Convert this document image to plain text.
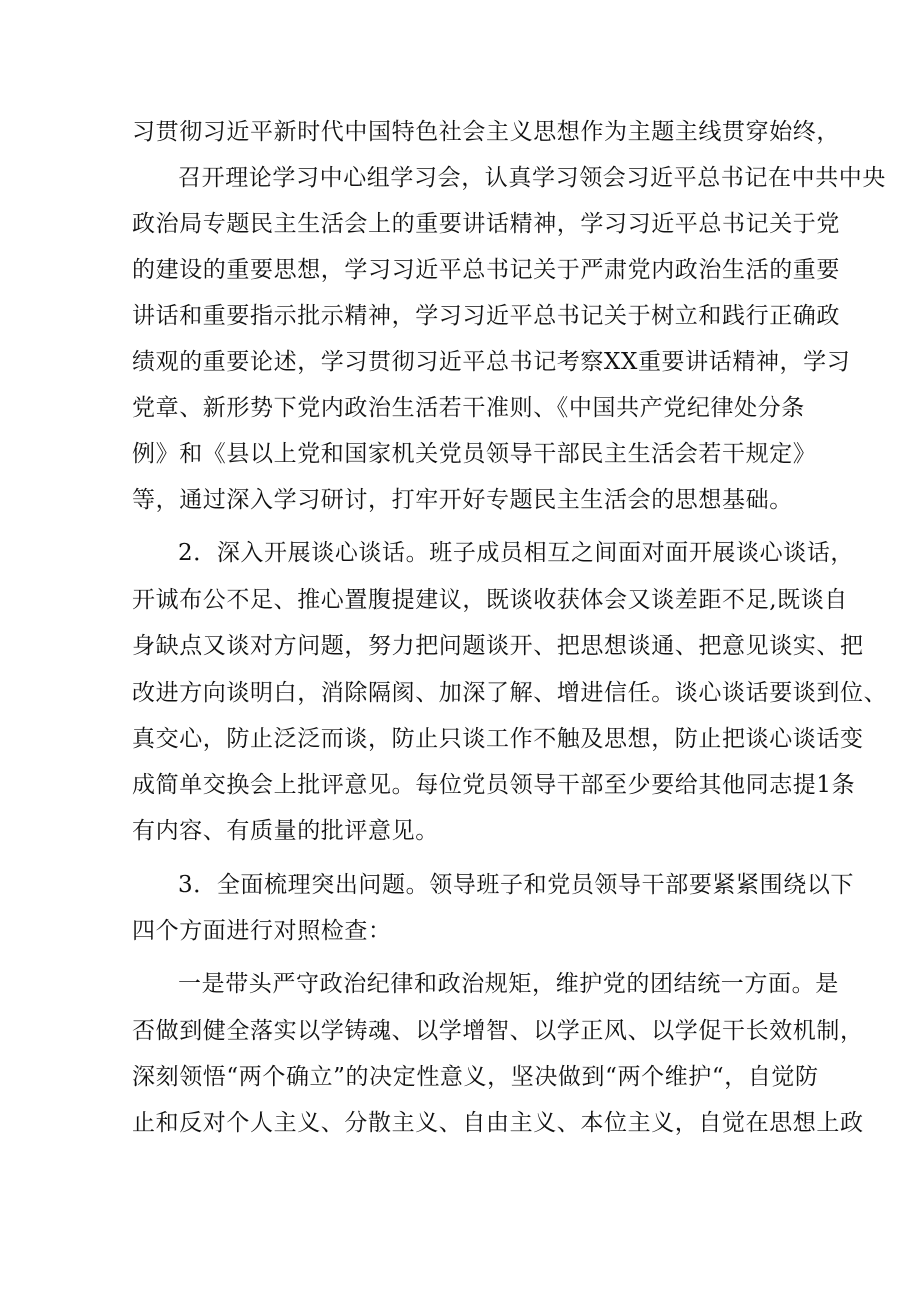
习贯彻习近平新时代中国特色社会主义思想作为主题主线贯穿始终，
召开理论学习中心组学习会，认真学习领会习近平总书记在中共中央
政治局专题民主生活会上的重要讲话精神，学习习近平总书记关于党
的建设的重要思想，学习习近平总书记关于严肃党内政治生活的重要
讲话和重要指示批示精神，学习习近平总书记关于树立和践行正确政
绩观的重要论述，学习贯彻习近平总书记考察XX重要讲话精神，学习
党章、新形势下党内政治生活若干准则、《中国共产党纪律处分条
例》和《县以上党和国家机关党员领导干部民主生活会若干规定》
等，通过深入学习研讨，打牢开好专题民主生活会的思想基础。
2．深入开展谈心谈话。班子成员相互之间面对面开展谈心谈话，
开诚布公不足、推心置腹提建议，既谈收获体会又谈差距不足,既谈自
身缺点又谈对方问题，努力把问题谈开、把思想谈通、把意见谈实、把
改进方向谈明白，消除隔阂、加深了解、增进信任。谈心谈话要谈到位、
真交心，防止泛泛而谈，防止只谈工作不触及思想，防止把谈心谈话变
成简单交换会上批评意见。每位党员领导干部至少要给其他同志提1条
有内容、有质量的批评意见。
3．全面梳理突出问题。领导班子和党员领导干部要紧紧围绕以下
四个方面进行对照检查：
一是带头严守政治纪律和政治规矩，维护党的团结统一方面。是
否做到健全落实以学铸魂、以学增智、以学正风、以学促干长效机制，
深刻领悟“两个确立”的决定性意义，坚决做到“两个维护“，自觉防
止和反对个人主义、分散主义、自由主义、本位主义，自觉在思想上政
